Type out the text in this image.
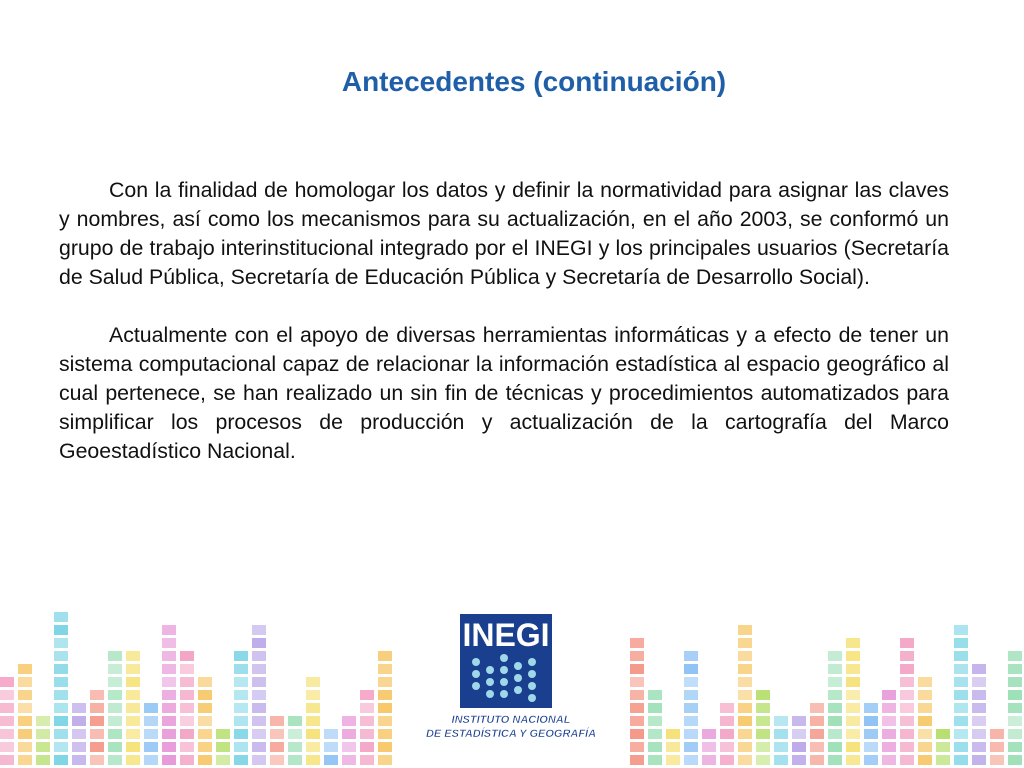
Antecedentes (continuación)

Con la finalidad de homologar los datos y definir la normatividad para asignar las claves y nombres, así como los mecanismos para su actualización, en el año 2003, se conformó un grupo de trabajo interinstitucional integrado por el INEGI y los principales usuarios (Secretaría de Salud Pública, Secretaría de Educación Pública y Secretaría de Desarrollo Social).

Actualmente con el apoyo de diversas herramientas informáticas y a efecto de tener un sistema computacional capaz de relacionar la información estadística al espacio geográfico al cual pertenece, se han realizado un sin fin de técnicas y procedimientos automatizados para simplificar los procesos de producción y actualización de la cartografía del Marco Geoestadístico Nacional.

INEGI
INSTITUTO NACIONAL
DE ESTADÍSTICA Y GEOGRAFÍA
